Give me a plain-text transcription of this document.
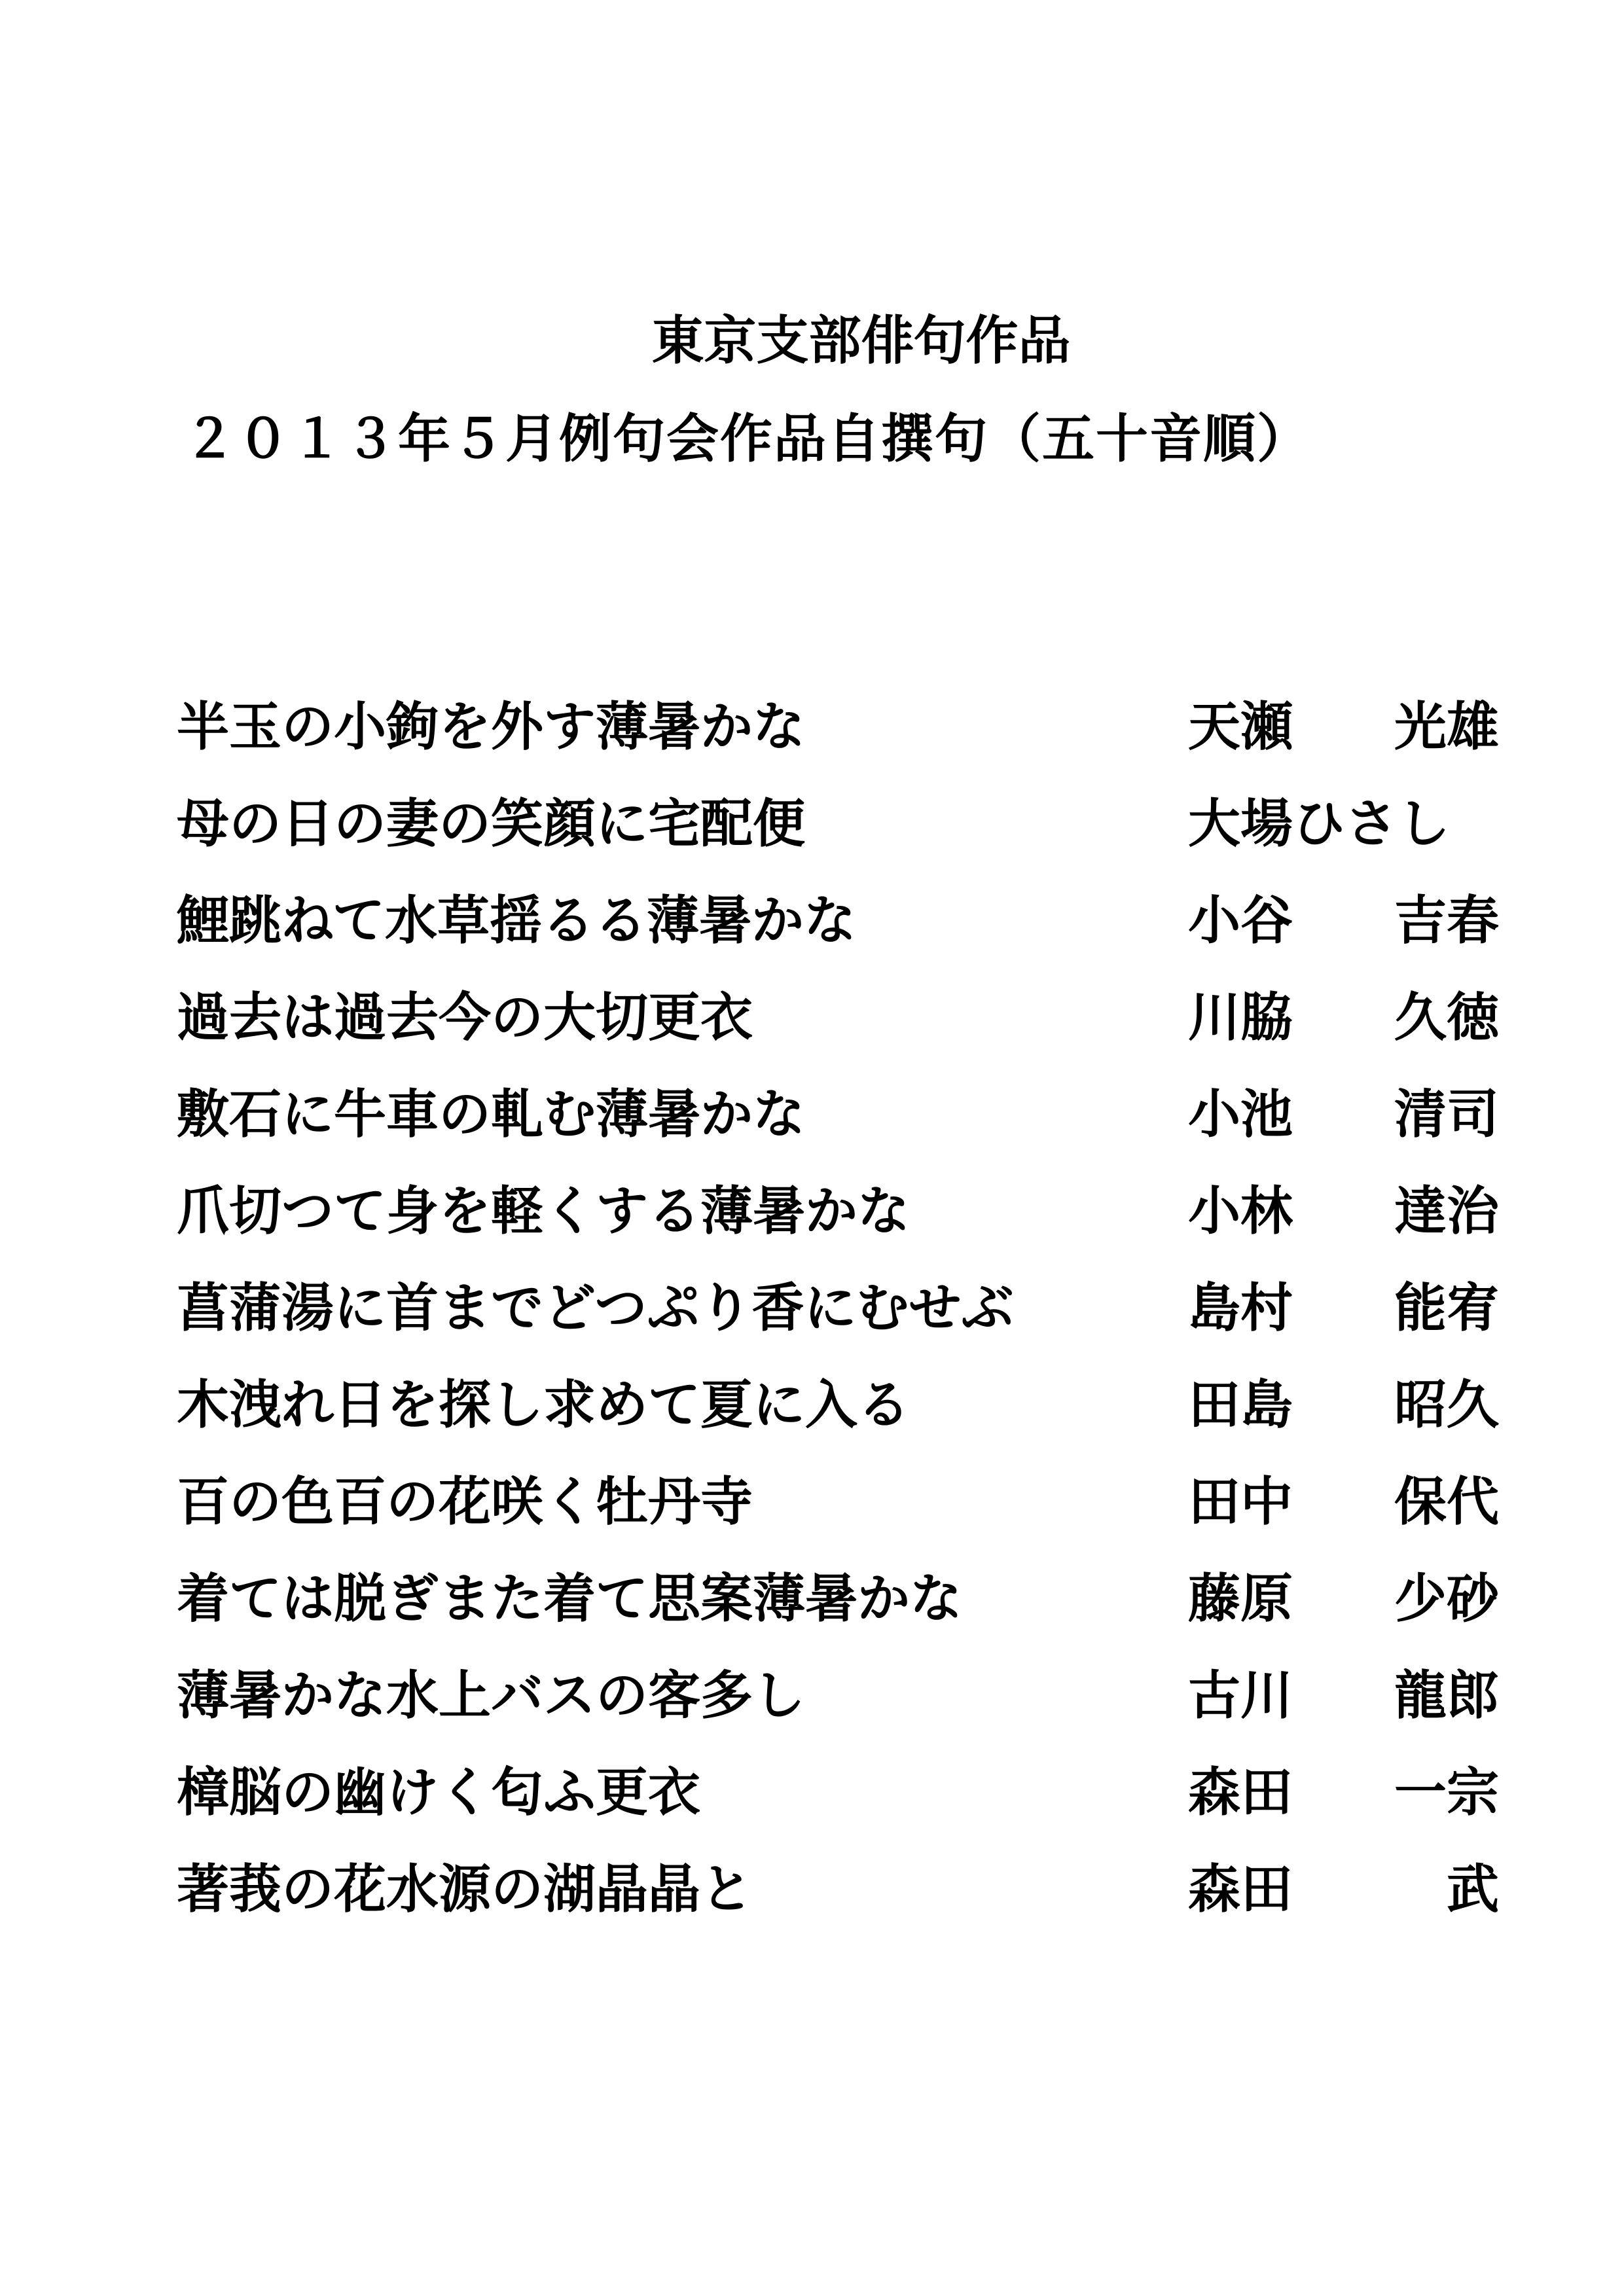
東京支部俳句作品
２０１３年５月例句会作品自撰句（五十音順）
半玉の小鉤を外す薄暑かな	天瀬 光雄
母の日の妻の笑顔に宅配便	大場ひさし
鯉跳ねて水草揺るる薄暑かな	小谷 吉春
過去は過去今の大切更衣	川脇 久徳
敷石に牛車の軋む薄暑かな	小池 清司
爪切つて身を軽くする薄暑かな	小林 達治
菖蒲湯に首までどつぷり香にむせぶ	島村 能宥
木洩れ日を探し求めて夏に入る	田島 昭久
百の色百の花咲く牡丹寺	田中 保代
着ては脱ぎまた着て思案薄暑かな	藤原 少砂
薄暑かな水上バスの客多し	古川 龍郎
樟脳の幽けく匂ふ更衣	森田 一宗
著莪の花水源の湖晶晶と	森田	武
